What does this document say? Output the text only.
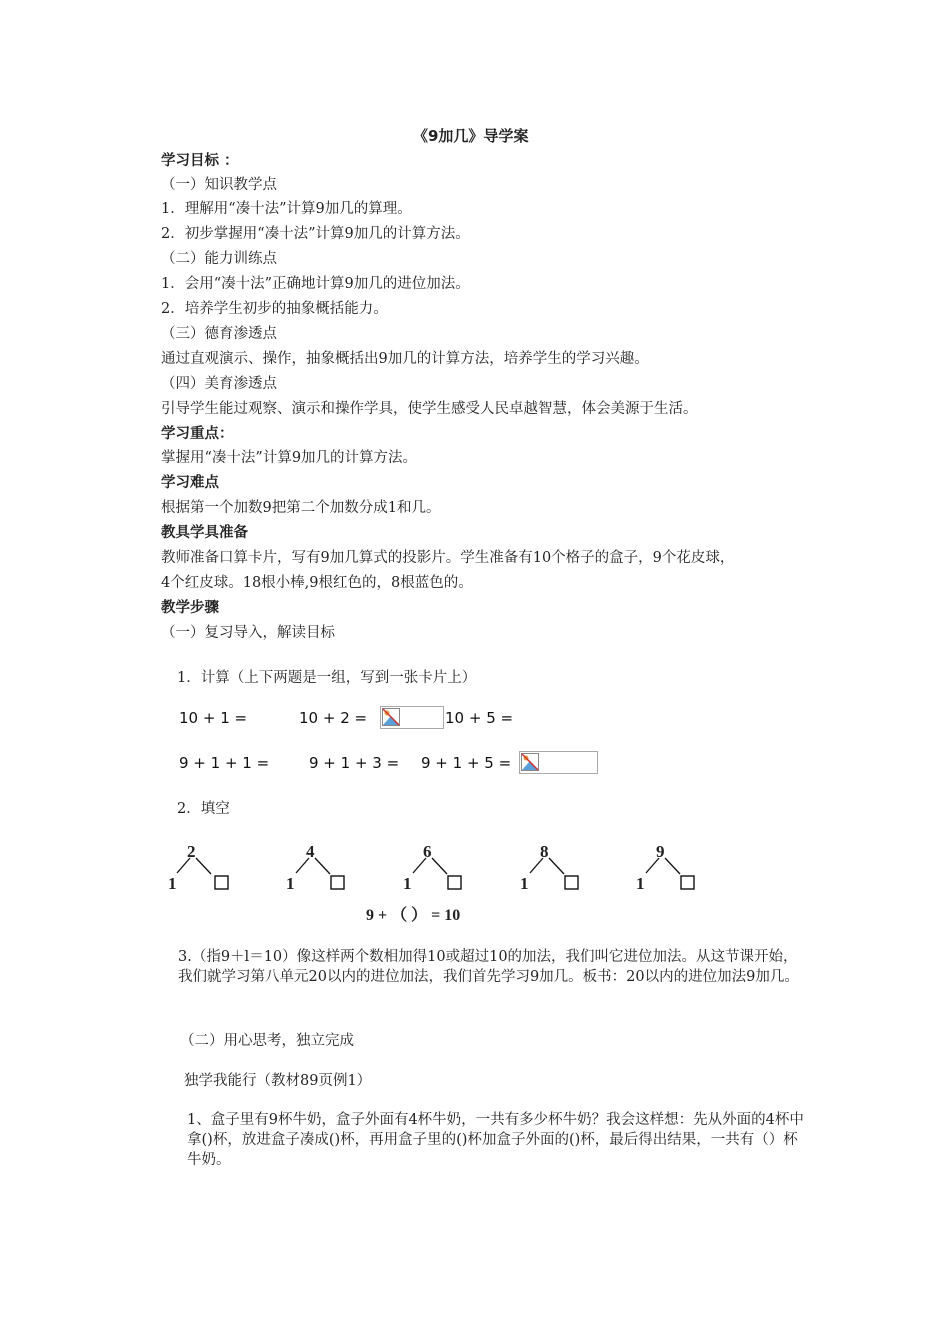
《9加几》导学案
学习目标 ：
（一）知识教学点
1．理解用“凑十法”计算9加几的算理。
2．初步掌握用“凑十法”计算9加几的计算方法。
（二）能力训练点
1．会用“凑十法”正确地计算9加几的进位加法。
2．培养学生初步的抽象概括能力。
（三）德育渗透点
通过直观演示、操作，抽象概括出9加几的计算方法，培养学生的学习兴趣。
（四）美育渗透点
引导学生能过观察、演示和操作学具，使学生感受人民卓越智慧，体会美源于生活。
学习重点：
掌握用“凑十法”计算9加几的计算方法。
学习难点
根据第一个加数9把第二个加数分成1和几。
教具学具准备
教师准备口算卡片，写有9加几算式的投影片。学生准备有10个格子的盒子，9个花皮球，
4个红皮球。18根小棒,9根红色的，8根蓝色的。
教学步骤
（一）复习导入，解读目标
1．计算（上下两题是一组，写到一张卡片上）
10 + 1 =	10 + 2 =	10 + 5 =
9 + 1 + 1 =	9 + 1 + 3 = 9 + 1 + 5 =
2．填空
2
1
4
1
6
1
8
1
9
1
9 + （ ） = 10
3.（指9＋l＝10）像这样两个数相加得10或超过10的加法，我们叫它进位加法。从这节课开始，我们就学习第八单元20以内的进位加法，我们首先学习9加几。板书：20以内的进位加法9加几。
（二）用心思考，独立完成
独学我能行（教材89页例1）
1、盒子里有9杯牛奶，盒子外面有4杯牛奶，一共有多少杯牛奶？我会这样想：先从外面的4杯中拿()杯，放进盒子凑成()杯，再用盒子里的()杯加盒子外面的()杯，最后得出结果，一共有（）杯牛奶。
